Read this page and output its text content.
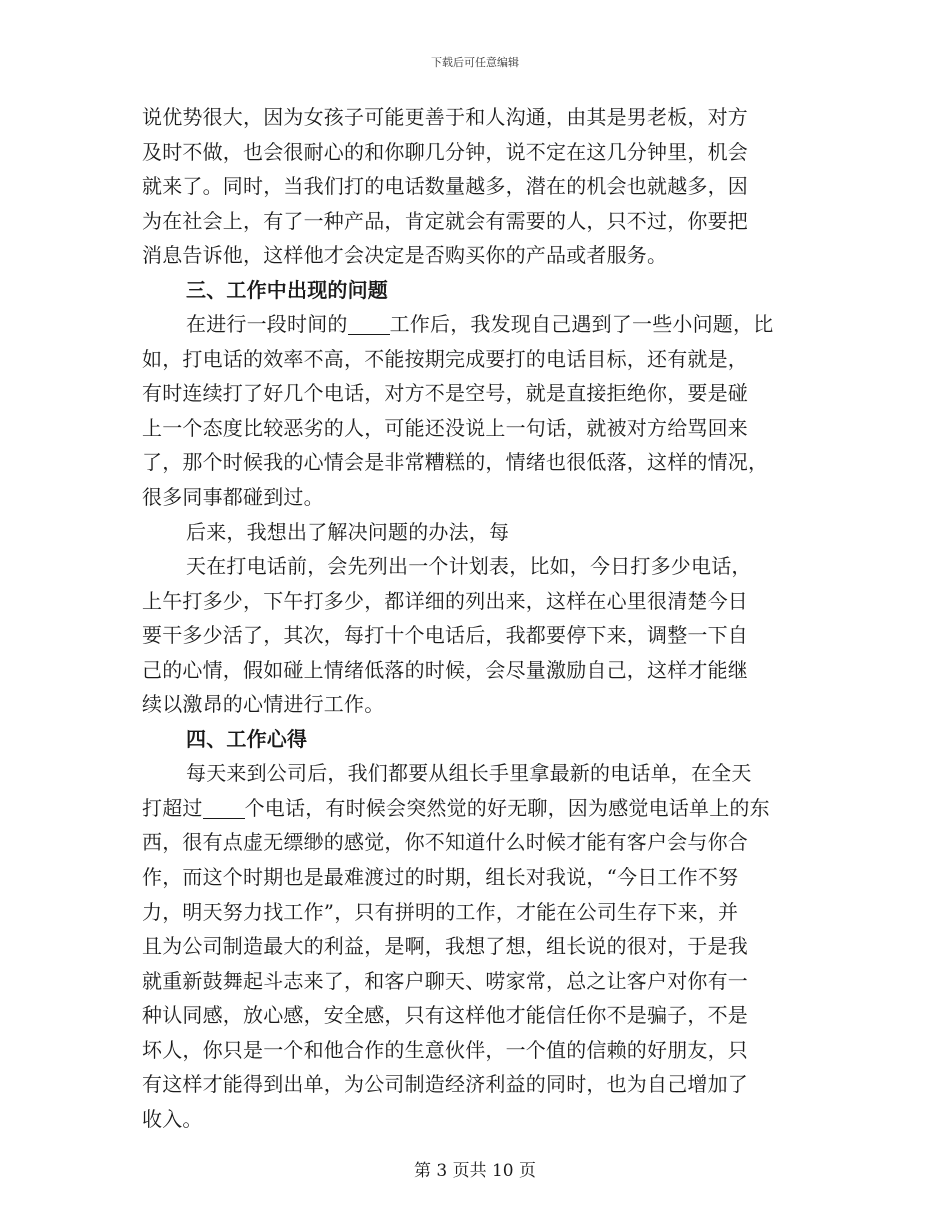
下载后可任意编辑
说优势很大，因为女孩子可能更善于和人沟通，由其是男老板，对方
及时不做，也会很耐心的和你聊几分钟，说不定在这几分钟里，机会
就来了。同时，当我们打的电话数量越多，潜在的机会也就越多，因
为在社会上，有了一种产品，肯定就会有需要的人，只不过，你要把
消息告诉他，这样他才会决定是否购买你的产品或者服务。
三、工作中出现的问题
在进行一段时间的 工作后，我发现自己遇到了一些小问题，比
如，打电话的效率不高，不能按期完成要打的电话目标，还有就是，
有时连续打了好几个电话，对方不是空号，就是直接拒绝你，要是碰
上一个态度比较恶劣的人，可能还没说上一句话，就被对方给骂回来
了，那个时候我的心情会是非常糟糕的，情绪也很低落，这样的情况，
很多同事都碰到过。
后来，我想出了解决问题的办法，每
天在打电话前，会先列出一个计划表，比如，今日打多少电话，
上午打多少，下午打多少，都详细的列出来，这样在心里很清楚今日
要干多少活了，其次，每打十个电话后，我都要停下来，调整一下自
己的心情，假如碰上情绪低落的时候，会尽量激励自己，这样才能继
续以激昂的心情进行工作。
四、工作心得
每天来到公司后，我们都要从组长手里拿最新的电话单，在全天
打超过 个电话，有时候会突然觉的好无聊，因为感觉电话单上的东
西，很有点虚无缥缈的感觉，你不知道什么时候才能有客户会与你合
作，而这个时期也是最难渡过的时期，组长对我说，“今日工作不努
力，明天努力找工作”，只有拼明的工作，才能在公司生存下来，并
且为公司制造最大的利益，是啊，我想了想，组长说的很对，于是我
就重新鼓舞起斗志来了，和客户聊天、唠家常，总之让客户对你有一
种认同感，放心感，安全感，只有这样他才能信任你不是骗子，不是
坏人，你只是一个和他合作的生意伙伴，一个值的信赖的好朋友，只
有这样才能得到出单，为公司制造经济利益的同时，也为自己增加了
收入。
第 3 页共 10 页
